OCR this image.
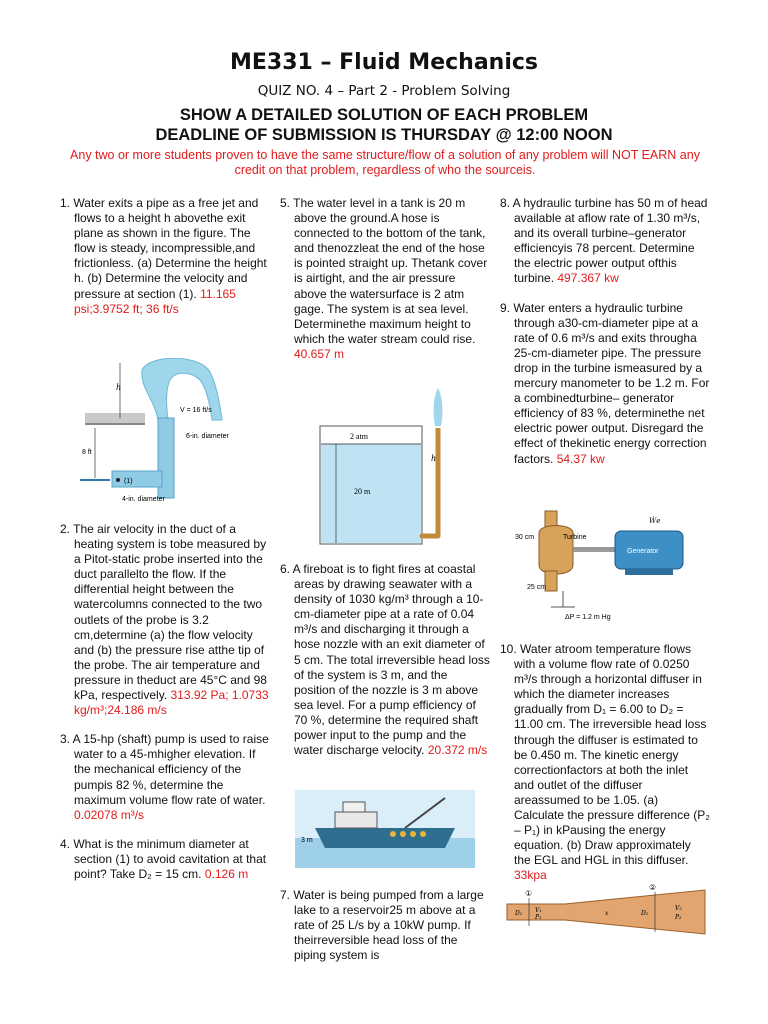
ME331 – Fluid Mechanics
QUIZ NO. 4 – Part 2 - Problem Solving
SHOW A DETAILED SOLUTION OF EACH PROBLEM
DEADLINE OF SUBMISSION IS THURSDAY @ 12:00 NOON
Any two or more students proven to have the same structure/flow of a solution of any problem will NOT EARN any credit on that problem, regardless of who the sourceis.

1. Water exits a pipe as a free jet and flows to a height h abovethe exit plane as shown in the figure. The flow is steady, incompressible,and frictionless. (a) Determine the height h. (b) Determine the velocity and pressure at section (1). 11.165 psi;3.9752 ft; 36 ft/s

h
V = 16 ft/s
6-in. diameter
8 ft
(1)
4-in. diameter

2. The air velocity in the duct of a heating system is tobe measured by a Pitot-static probe inserted into the duct parallelto the flow. If the differential height between the watercolumns connected to the two outlets of the probe is 3.2 cm,determine (a) the flow velocity and (b) the pressure rise atthe tip of the probe. The air temperature and pressure in theduct are 45°C and 98 kPa, respectively. 313.92 Pa; 1.0733 kg/m³;24.186 m/s

3. A 15-hp (shaft) pump is used to raise water to a 45-mhigher elevation. If the mechanical efficiency of the pumpis 82 %, determine the maximum volume flow rate of water. 0.02078 m³/s

4. What is the minimum diameter at section (1) to avoid cavitation at that point? Take D₂ = 15 cm. 0.126 m

5. The water level in a tank is 20 m above the ground.A hose is connected to the bottom of the tank, and thenozzleat the end of the hose is pointed straight up. Thetank cover is airtight, and the air pressure above the watersurface is 2 atm gage. The system is at sea level. Determinethe maximum height to which the water stream could rise. 40.657 m

2 atm
20 m
h

6. A fireboat is to fight fires at coastal areas by drawing seawater with a density of 1030 kg/m³ through a 10-cm-diameter pipe at a rate of 0.04 m³/s and discharging it through a hose nozzle with an exit diameter of 5 cm. The total irreversible head loss of the system is 3 m, and the position of the nozzle is 3 m above sea level. For a pump efficiency of 70 %, determine the required shaft power input to the pump and the water discharge velocity. 20.372 m/s

3 m

7. Water is being pumped from a large lake to a reservoir25 m above at a rate of 25 L/s by a 10kW pump. If theirreversible head loss of the piping system is

8. A hydraulic turbine has 50 m of head available at aflow rate of 1.30 m³/s, and its overall turbine–generator efficiencyis 78 percent. Determine the electric power output ofthis turbine. 497.367 kw

9. Water enters a hydraulic turbine through a30-cm-diameter pipe at a rate of 0.6 m³/s and exits througha 25-cm-diameter pipe. The pressure drop in the turbine ismeasured by a mercury manometer to be 1.2 m. For a combinedturbine– generator efficiency of 83 %, determinethe net electric power output. Disregard the effect of thekinetic energy correction factors. 54.37 kw

30 cm
25 cm
Turbine
Generator
Ẇe
ΔP = 1.2 m Hg

10. Water atroom temperature flows with a volume flow rate of 0.0250 m³/s through a horizontal diffuser in which the diameter increases gradually from D₁ = 6.00 to D₂ = 11.00 cm. The irreversible head loss through the diffuser is estimated to be 0.450 m. The kinetic energy correctionfactors at both the inlet and outlet of the diffuser areassumed to be 1.05. (a) Calculate the pressure difference (P₂ – P₁) in kPausing the energy equation. (b) Draw approximately the EGL and HGL in this diffuser. 33kpa

①
②
D₁ V₁
P₁
x	D₂
V₂
P₂
